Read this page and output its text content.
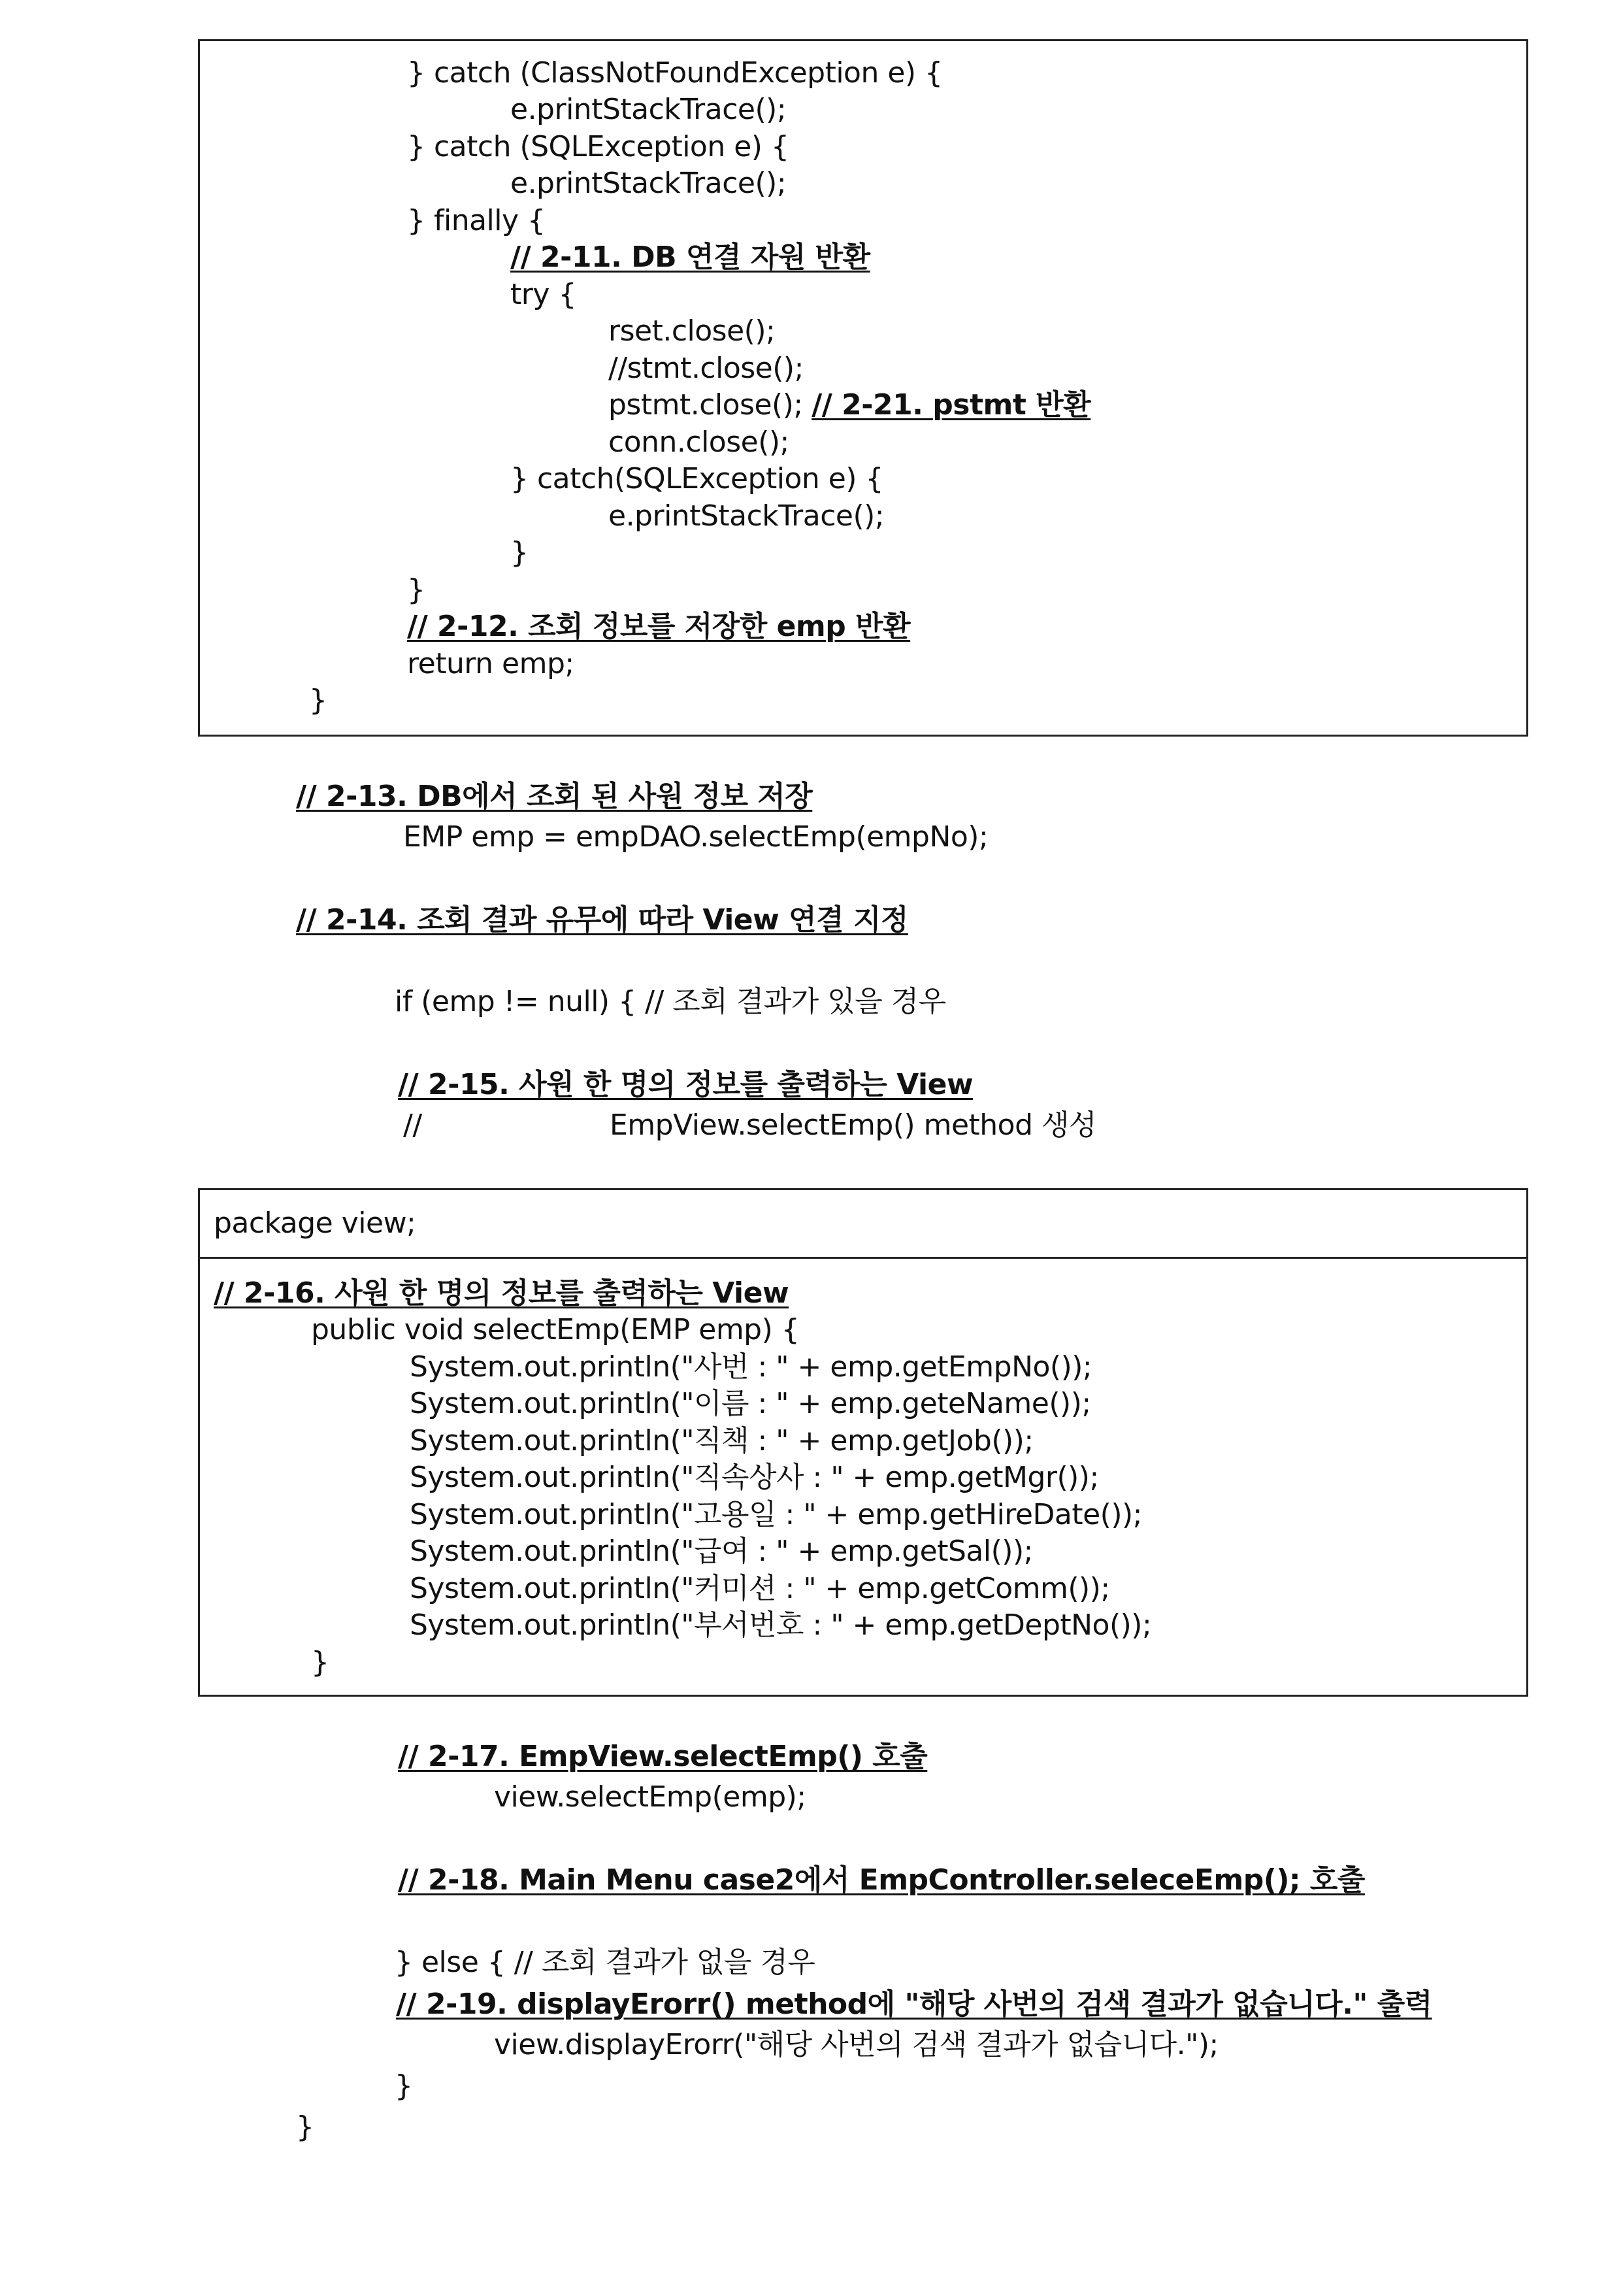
} catch (ClassNotFoundException e) {
e.printStackTrace();
} catch (SQLException e) {
e.printStackTrace();
} finally {
// 2-11. DB 연결 자원 반환
try {
rset.close();
//stmt.close();
pstmt.close(); // 2-21. pstmt 반환
conn.close();
} catch(SQLException e) {
e.printStackTrace();
}
}
// 2-12. 조회 정보를 저장한 emp 반환
return emp;
}
// 2-13. DB에서 조회 된 사원 정보 저장
EMP emp = empDAO.selectEmp(empNo);
// 2-14. 조회 결과 유무에 따라 View 연결 지정
if (emp != null) { // 조회 결과가 있을 경우
// 2-15. 사원 한 명의 정보를 출력하는 View
//	EmpView.selectEmp() method 생성
package view;
// 2-16. 사원 한 명의 정보를 출력하는 View
public void selectEmp(EMP emp) {
System.out.println("사번 : " + emp.getEmpNo());
System.out.println("이름 : " + emp.geteName());
System.out.println("직책 : " + emp.getJob());
System.out.println("직속상사 : " + emp.getMgr());
System.out.println("고용일 : " + emp.getHireDate());
System.out.println("급여 : " + emp.getSal());
System.out.println("커미션 : " + emp.getComm());
System.out.println("부서번호 : " + emp.getDeptNo());
}
// 2-17. EmpView.selectEmp() 호출
view.selectEmp(emp);
// 2-18. Main Menu case2에서 EmpController.seleceEmp(); 호출
} else { // 조회 결과가 없을 경우
// 2-19. displayErorr() method에 "해당 사번의 검색 결과가 없습니다." 출력
view.displayErorr("해당 사번의 검색 결과가 없습니다.");
}
}
